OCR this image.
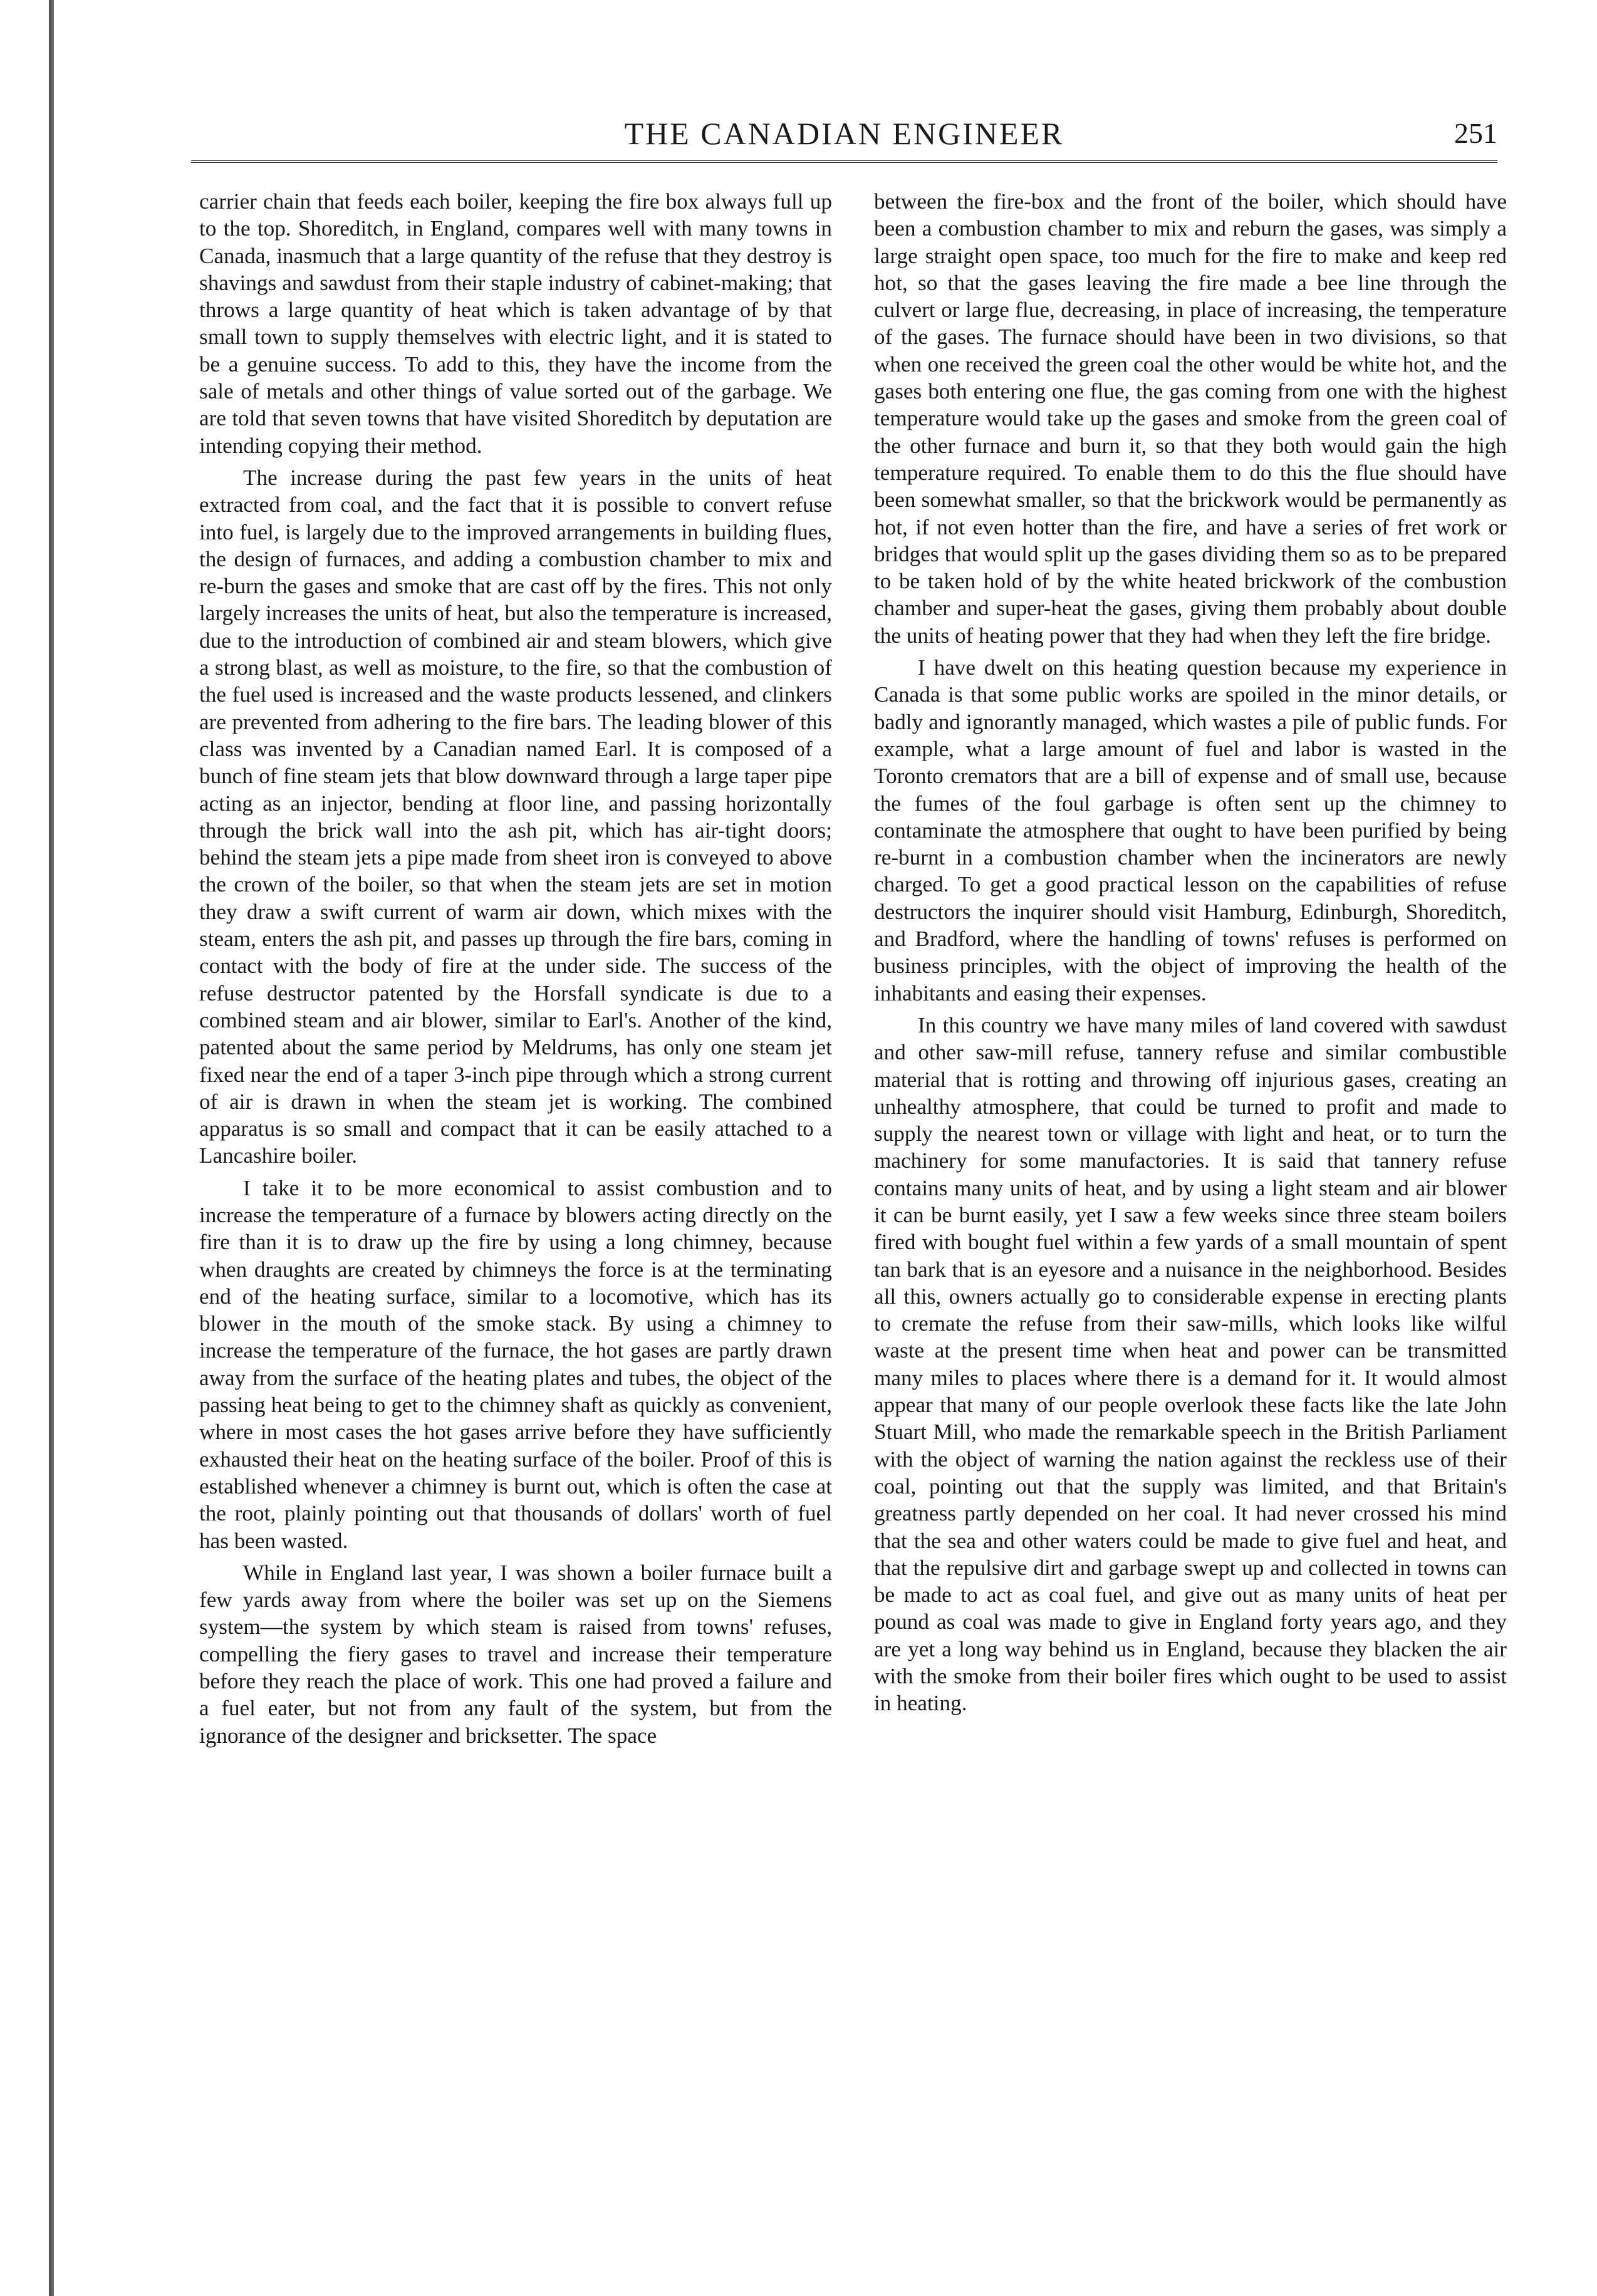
THE CANADIAN ENGINEER	251

carrier chain that feeds each boiler, keeping the fire box always full up to the top. Shoreditch, in England, compares well with many towns in Canada, inasmuch that a large quantity of the refuse that they destroy is shavings and sawdust from their staple industry of cabinet-making; that throws a large quantity of heat which is taken advantage of by that small town to supply themselves with electric light, and it is stated to be a genuine success. To add to this, they have the income from the sale of metals and other things of value sorted out of the garbage. We are told that seven towns that have visited Shoreditch by deputation are intending copying their method.

The increase during the past few years in the units of heat extracted from coal, and the fact that it is possible to convert refuse into fuel, is largely due to the improved arrangements in building flues, the design of furnaces, and adding a combustion chamber to mix and re-burn the gases and smoke that are cast off by the fires. This not only largely increases the units of heat, but also the temperature is increased, due to the introduction of combined air and steam blowers, which give a strong blast, as well as moisture, to the fire, so that the combustion of the fuel used is increased and the waste products lessened, and clinkers are prevented from adhering to the fire bars. The leading blower of this class was invented by a Canadian named Earl. It is composed of a bunch of fine steam jets that blow downward through a large taper pipe acting as an injector, bending at floor line, and passing horizontally through the brick wall into the ash pit, which has air-tight doors; behind the steam jets a pipe made from sheet iron is conveyed to above the crown of the boiler, so that when the steam jets are set in motion they draw a swift current of warm air down, which mixes with the steam, enters the ash pit, and passes up through the fire bars, coming in contact with the body of fire at the under side. The success of the refuse destructor patented by the Horsfall syndicate is due to a combined steam and air blower, similar to Earl's. Another of the kind, patented about the same period by Meldrums, has only one steam jet fixed near the end of a taper 3-inch pipe through which a strong current of air is drawn in when the steam jet is working. The combined apparatus is so small and compact that it can be easily attached to a Lancashire boiler.

I take it to be more economical to assist combustion and to increase the temperature of a furnace by blowers acting directly on the fire than it is to draw up the fire by using a long chimney, because when draughts are created by chimneys the force is at the terminating end of the heating surface, similar to a locomotive, which has its blower in the mouth of the smoke stack. By using a chimney to increase the temperature of the furnace, the hot gases are partly drawn away from the surface of the heating plates and tubes, the object of the passing heat being to get to the chimney shaft as quickly as convenient, where in most cases the hot gases arrive before they have sufficiently exhausted their heat on the heating surface of the boiler. Proof of this is established whenever a chimney is burnt out, which is often the case at the root, plainly pointing out that thousands of dollars' worth of fuel has been wasted.

While in England last year, I was shown a boiler furnace built a few yards away from where the boiler was set up on the Siemens system—the system by which steam is raised from towns' refuses, compelling the fiery gases to travel and increase their temperature before they reach the place of work. This one had proved a failure and a fuel eater, but not from any fault of the system, but from the ignorance of the designer and bricksetter. The space

between the fire-box and the front of the boiler, which should have been a combustion chamber to mix and reburn the gases, was simply a large straight open space, too much for the fire to make and keep red hot, so that the gases leaving the fire made a bee line through the culvert or large flue, decreasing, in place of increasing, the temperature of the gases. The furnace should have been in two divisions, so that when one received the green coal the other would be white hot, and the gases both entering one flue, the gas coming from one with the highest temperature would take up the gases and smoke from the green coal of the other furnace and burn it, so that they both would gain the high temperature required. To enable them to do this the flue should have been somewhat smaller, so that the brickwork would be permanently as hot, if not even hotter than the fire, and have a series of fret work or bridges that would split up the gases dividing them so as to be prepared to be taken hold of by the white heated brickwork of the combustion chamber and super-heat the gases, giving them probably about double the units of heating power that they had when they left the fire bridge.

I have dwelt on this heating question because my experience in Canada is that some public works are spoiled in the minor details, or badly and ignorantly managed, which wastes a pile of public funds. For example, what a large amount of fuel and labor is wasted in the Toronto cremators that are a bill of expense and of small use, because the fumes of the foul garbage is often sent up the chimney to contaminate the atmosphere that ought to have been purified by being re-burnt in a combustion chamber when the incinerators are newly charged. To get a good practical lesson on the capabilities of refuse destructors the inquirer should visit Hamburg, Edinburgh, Shoreditch, and Bradford, where the handling of towns' refuses is performed on business principles, with the object of improving the health of the inhabitants and easing their expenses.

In this country we have many miles of land covered with sawdust and other saw-mill refuse, tannery refuse and similar combustible material that is rotting and throwing off injurious gases, creating an unhealthy atmosphere, that could be turned to profit and made to supply the nearest town or village with light and heat, or to turn the machinery for some manufactories. It is said that tannery refuse contains many units of heat, and by using a light steam and air blower it can be burnt easily, yet I saw a few weeks since three steam boilers fired with bought fuel within a few yards of a small mountain of spent tan bark that is an eyesore and a nuisance in the neighborhood. Besides all this, owners actually go to considerable expense in erecting plants to cremate the refuse from their saw-mills, which looks like wilful waste at the present time when heat and power can be transmitted many miles to places where there is a demand for it. It would almost appear that many of our people overlook these facts like the late John Stuart Mill, who made the remarkable speech in the British Parliament with the object of warning the nation against the reckless use of their coal, pointing out that the supply was limited, and that Britain's greatness partly depended on her coal. It had never crossed his mind that the sea and other waters could be made to give fuel and heat, and that the repulsive dirt and garbage swept up and collected in towns can be made to act as coal fuel, and give out as many units of heat per pound as coal was made to give in England forty years ago, and they are yet a long way behind us in England, because they blacken the air with the smoke from their boiler fires which ought to be used to assist in heating.
